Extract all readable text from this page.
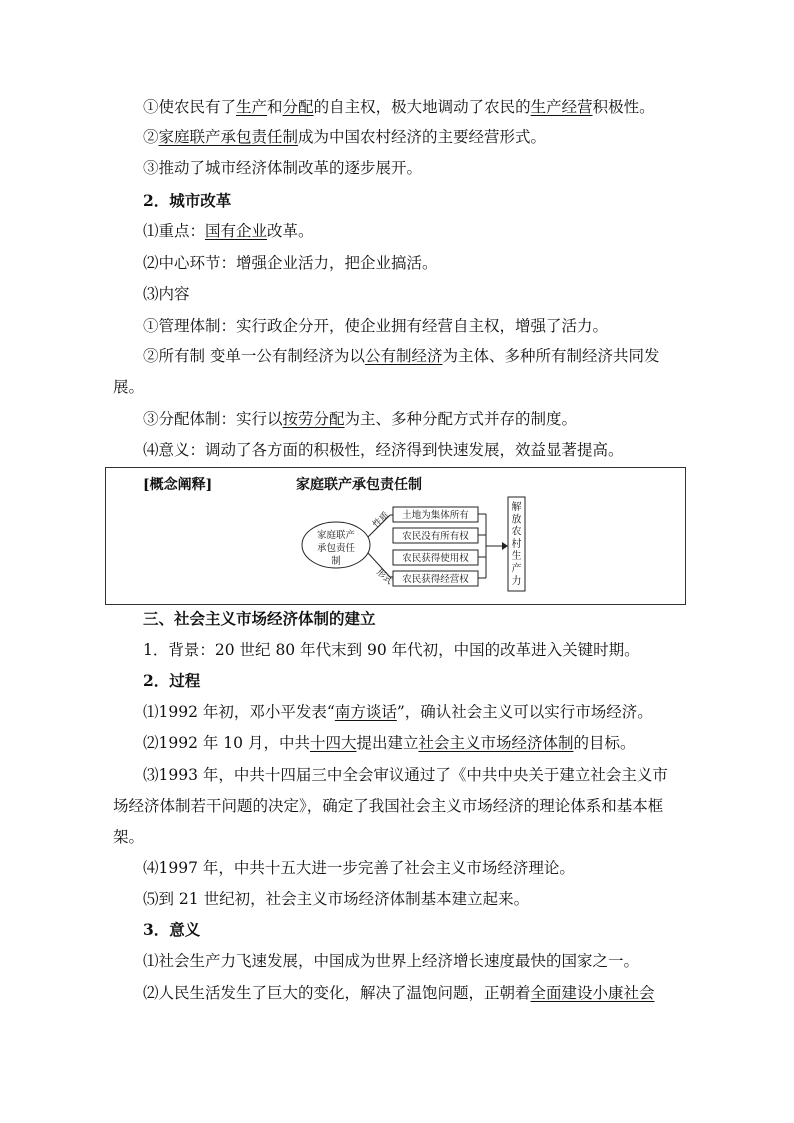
①使农民有了生产和分配的自主权，极大地调动了农民的生产经营积极性。
②家庭联产承包责任制成为中国农村经济的主要经营形式。
③推动了城市经济体制改革的逐步展开。
2．城市改革
⑴重点：国有企业改革。
⑵中心环节：增强企业活力，把企业搞活。
⑶内容
①管理体制：实行政企分开，使企业拥有经营自主权，增强了活力。
②所有制 变单一公有制经济为以公有制经济为主体、多种所有制经济共同发
展。
③分配体制：实行以按劳分配为主、多种分配方式并存的制度。
⑷意义：调动了各方面的积极性，经济得到快速发展，效益显著提高。
[概念阐释]	家庭联产承包责任制
家庭联产
承包责任
制
性质
形式
土地为集体所有
农民没有所有权
农民获得使用权
农民获得经营权
解放农村生产力
三、社会主义市场经济体制的建立
1．背景：20 世纪 80 年代末到 90 年代初，中国的改革进入关键时期。
2．过程
⑴1992 年初，邓小平发表“南方谈话”，确认社会主义可以实行市场经济。
⑵1992 年 10 月，中共十四大提出建立社会主义市场经济体制的目标。
⑶1993 年，中共十四届三中全会审议通过了《中共中央关于建立社会主义市
场经济体制若干问题的决定》，确定了我国社会主义市场经济的理论体系和基本框
架。
⑷1997 年，中共十五大进一步完善了社会主义市场经济理论。
⑸到 21 世纪初，社会主义市场经济体制基本建立起来。
3．意义
⑴社会生产力飞速发展，中国成为世界上经济增长速度最快的国家之一。
⑵人民生活发生了巨大的变化，解决了温饱问题，正朝着全面建设小康社会
